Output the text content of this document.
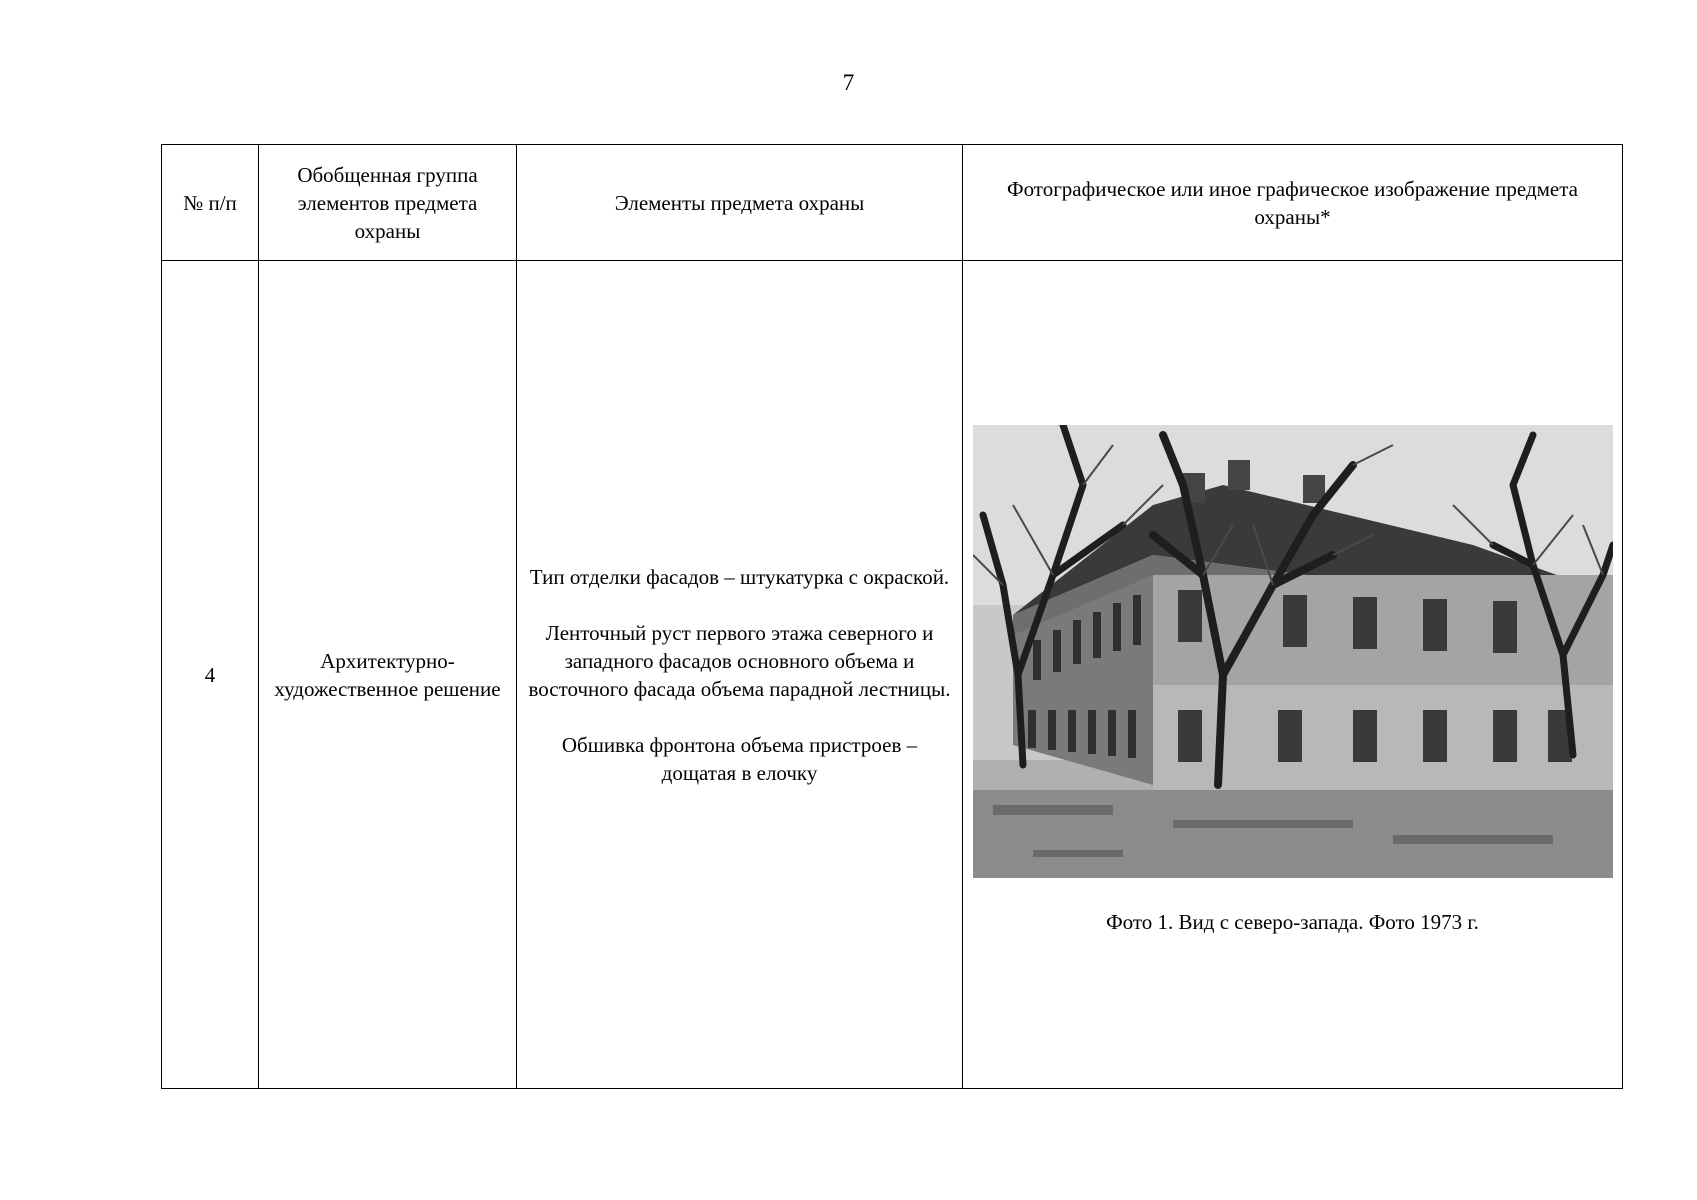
7
№ п/п	Обобщенная группа элементов предмета охраны	Элементы предмета охраны	Фотографическое или иное графическое изображение предмета охраны*
4	Архитектурно-художественное решение	Тип отделки фасадов – штукатурка с окраской.
Ленточный руст первого этажа северного и западного фасадов основного объема и восточного фасада объема парадной лестницы.
Обшивка фронтона объема пристроев – дощатая в елочку	Фото 1. Вид с северо-запада. Фото 1973 г.
